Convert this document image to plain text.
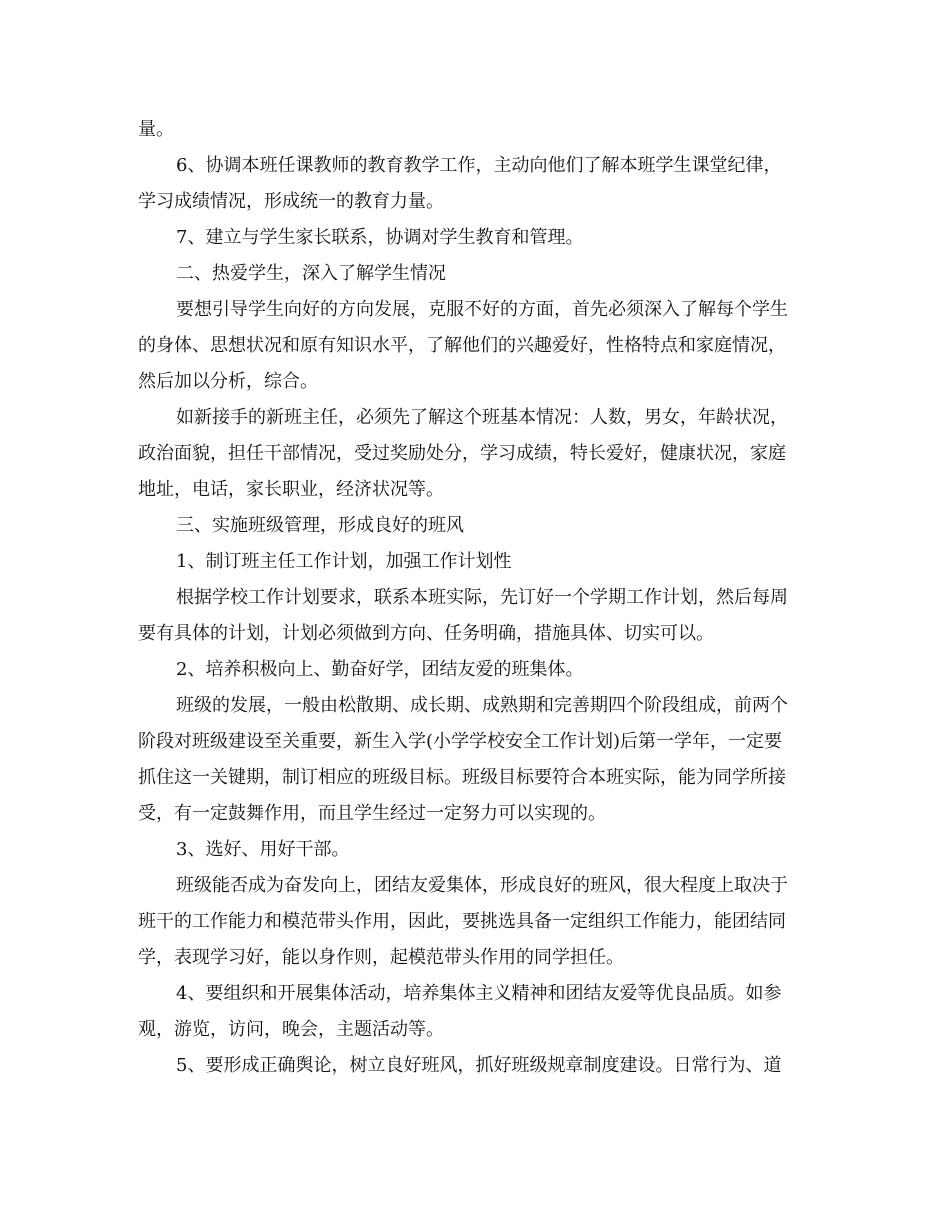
量。
6、协调本班任课教师的教育教学工作，主动向他们了解本班学生课堂纪律，
学习成绩情况，形成统一的教育力量。
7、建立与学生家长联系，协调对学生教育和管理。
二、热爱学生，深入了解学生情况
要想引导学生向好的方向发展，克服不好的方面，首先必须深入了解每个学生
的身体、思想状况和原有知识水平，了解他们的兴趣爱好，性格特点和家庭情况，
然后加以分析，综合。
如新接手的新班主任，必须先了解这个班基本情况：人数，男女，年龄状况，
政治面貌，担任干部情况，受过奖励处分，学习成绩，特长爱好，健康状况，家庭
地址，电话，家长职业，经济状况等。
三、实施班级管理，形成良好的班风
1、制订班主任工作计划，加强工作计划性
根据学校工作计划要求，联系本班实际，先订好一个学期工作计划，然后每周
要有具体的计划，计划必须做到方向、任务明确，措施具体、切实可以。
2、培养积极向上、勤奋好学，团结友爱的班集体。
班级的发展，一般由松散期、成长期、成熟期和完善期四个阶段组成，前两个
阶段对班级建设至关重要，新生入学(小学学校安全工作计划)后第一学年，一定要
抓住这一关键期，制订相应的班级目标。班级目标要符合本班实际，能为同学所接
受，有一定鼓舞作用，而且学生经过一定努力可以实现的。
3、选好、用好干部。
班级能否成为奋发向上，团结友爱集体，形成良好的班风，很大程度上取决于
班干的工作能力和模范带头作用，因此，要挑选具备一定组织工作能力，能团结同
学，表现学习好，能以身作则，起模范带头作用的同学担任。
4、要组织和开展集体活动，培养集体主义精神和团结友爱等优良品质。如参
观，游览，访问，晚会，主题活动等。
5、要形成正确舆论，树立良好班风，抓好班级规章制度建设。日常行为、道
